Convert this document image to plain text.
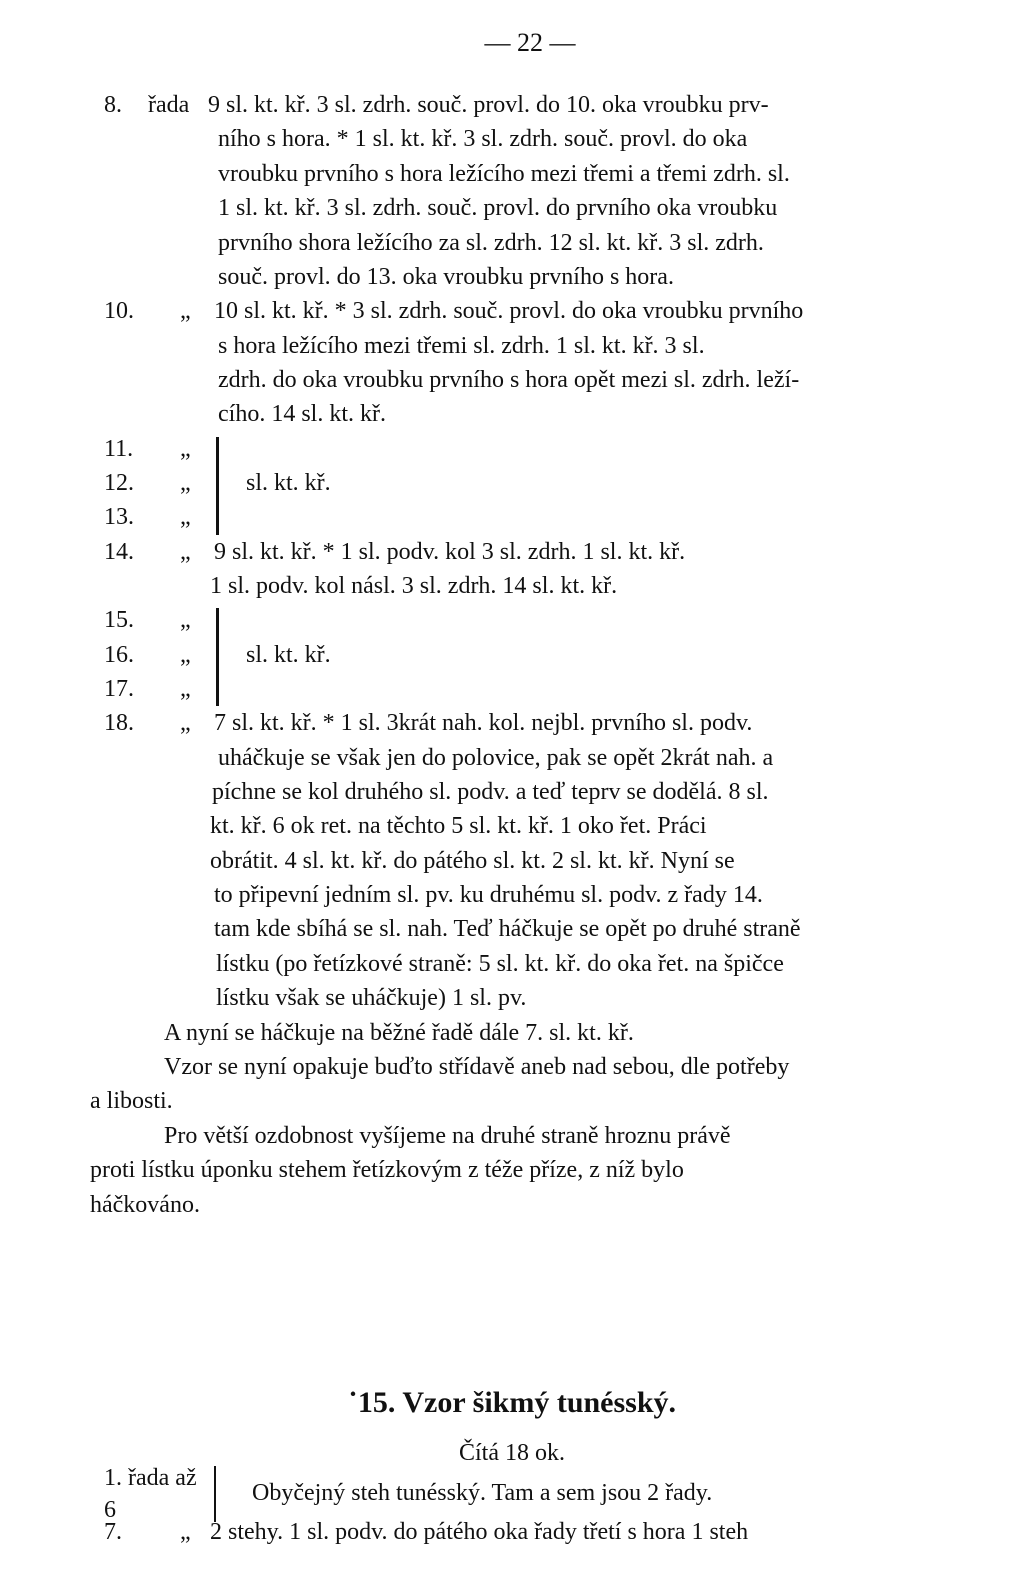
— 22 —
8. řada 9 sl. kt. kř. 3 sl. zdrh. souč. provl. do 10. oka vroubku prv-
ního s hora. * 1 sl. kt. kř. 3 sl. zdrh. souč. provl. do oka
vroubku prvního s hora ležícího mezi třemi a třemi zdrh. sl.
1 sl. kt. kř. 3 sl. zdrh. souč. provl. do prvního oka vroubku
prvního shora ležícího za sl. zdrh. 12 sl. kt. kř. 3 sl. zdrh.
souč. provl. do 13. oka vroubku prvního s hora.
10. „ 10 sl. kt. kř. * 3 sl. zdrh. souč. provl. do oka vroubku prvního
s hora ležícího mezi třemi sl. zdrh. 1 sl. kt. kř. 3 sl.
zdrh. do oka vroubku prvního s hora opět mezi sl. zdrh. leží-
cího. 14 sl. kt. kř.
11.
12.
13.
„
„
„
sl. kt. kř.
14. „ 9 sl. kt. kř. * 1 sl. podv. kol 3 sl. zdrh. 1 sl. kt. kř.
1 sl. podv. kol násl. 3 sl. zdrh. 14 sl. kt. kř.
15.
16.
17.
„
„
„
sl. kt. kř.
18. „ 7 sl. kt. kř. * 1 sl. 3krát nah. kol. nejbl. prvního sl. podv.
uháčkuje se však jen do polovice, pak se opět 2krát nah. a
píchne se kol druhého sl. podv. a teď teprv se dodělá. 8 sl.
kt. kř. 6 ok ret. na těchto 5 sl. kt. kř. 1 oko řet. Práci
obrátit. 4 sl. kt. kř. do pátého sl. kt. 2 sl. kt. kř. Nyní se
to připevní jedním sl. pv. ku druhému sl. podv. z řady 14.
tam kde sbíhá se sl. nah. Teď háčkuje se opět po druhé straně
lístku (po řetízkové straně: 5 sl. kt. kř. do oka řet. na špičce
lístku však se uháčkuje) 1 sl. pv.
A nyní se háčkuje na běžné řadě dále 7. sl. kt. kř.
Vzor se nyní opakuje buďto střídavě aneb nad sebou, dle potřeby
a libosti.
Pro větší ozdobnost vyšíjeme na druhé straně hroznu právě
proti lístku úponku stehem řetízkovým z téže příze, z níž bylo
háčkováno.
˙15. Vzor šikmý tunésský.
Čítá 18 ok.
1. řada až
6
Obyčejný steh tunésský. Tam a sem jsou 2 řady.
7. „ 2 stehy. 1 sl. podv. do pátého oka řady třetí s hora 1 steh
